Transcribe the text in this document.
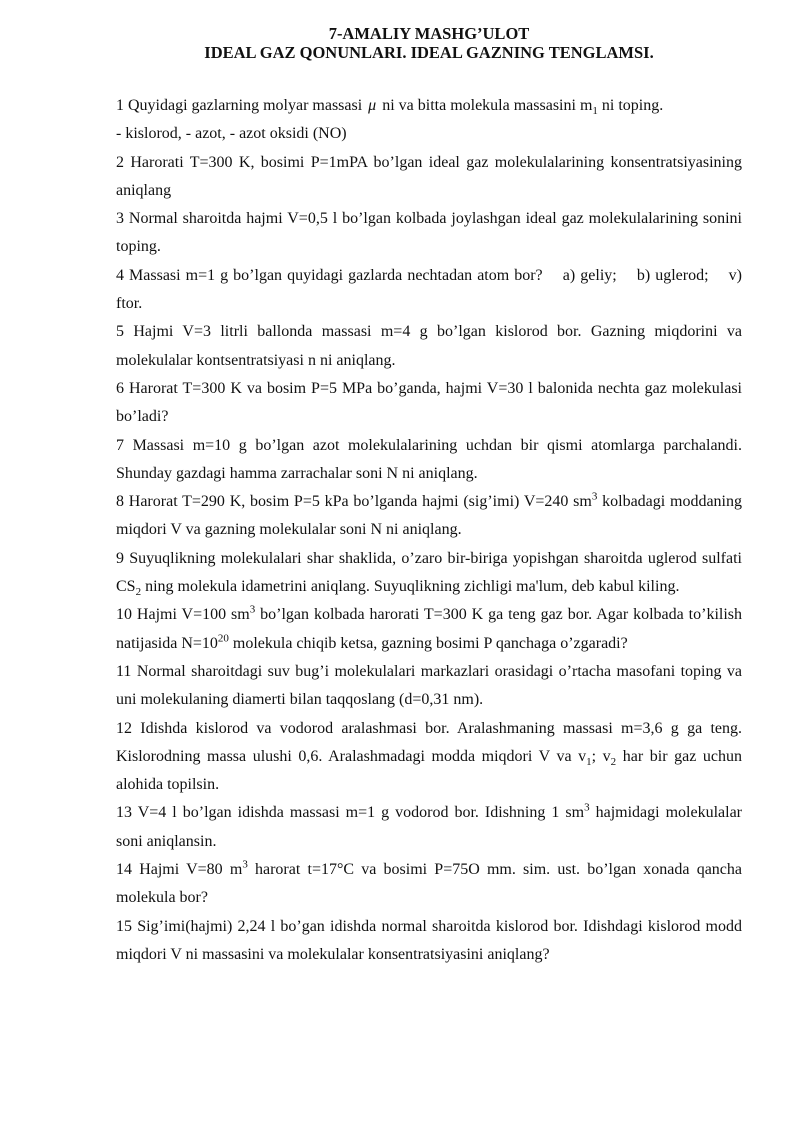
7-AMALIY MASHG’ULOT
IDEAL GAZ QONUNLARI. IDEAL GAZNING TENGLAMSI.

1 Quyidagi gazlarning molyar massasi μ ni va bitta molekula massasini $m_1$ ni toping.

- kislorod, - azot, - azot oksidi (NO)

2 Harorati T=300 K, bosimi P=1mPA bo’lgan ideal gaz molekulalarining konsentratsiyasining aniqlang

3 Normal sharoitda hajmi V=0,5 l bo’lgan kolbada joylashgan ideal gaz molekulalarining sonini toping.

4 Massasi m=1 g bo’lgan quyidagi gazlarda nechtadan atom bor?    a) geliy;    b) uglerod;    v) ftor.

5 Hajmi V=3 litrli ballonda massasi m=4 g bo’lgan kislorod bor. Gazning miqdorini va molekulalar kontsentratsiyasi n ni aniqlang.

6 Harorat T=300 K va bosim P=5 MPa bo’ganda, hajmi V=30 l balonida nechta gaz molekulasi bo’ladi?

7 Massasi m=10 g bo’lgan azot molekulalarining uchdan bir qismi atomlarga parchalandi. Shunday gazdagi hamma zarrachalar soni N ni aniqlang.

8 Harorat T=290 K, bosim P=5 kPa bo’lganda hajmi (sig’imi) V=240 $sm^3$ kolbadagi moddaning miqdori V va gazning molekulalar soni N ni aniqlang.

9 Suyuqlikning molekulalari shar shaklida, o’zaro bir-biriga yopishgan sharoitda uglerod sulfati $CS_2$ ning molekula idametrini aniqlang. Suyuqlikning zichligi ma'lum, deb kabul kiling.

10 Hajmi V=100 $sm^3$ bo’lgan kolbada harorati T=300 K ga teng gaz bor. Agar kolbada to’kilish natijasida $N=10^{20}$ molekula chiqib ketsa, gazning bosimi P qanchaga o’zgaradi?

11 Normal sharoitdagi suv bug’i molekulalari markazlari orasidagi o’rtacha masofani toping va uni molekulaning diamerti bilan taqqoslang (d=0,31 nm).

12 Idishda kislorod va vodorod aralashmasi bor. Aralashmaning massasi m=3,6 g ga teng. Kislorodning massa ulushi 0,6. Aralashmadagi modda miqdori V va $v_1$; $v_2$ har bir gaz uchun alohida topilsin.

13 V=4 l bo’lgan idishda massasi m=1 g vodorod bor. Idishning 1 $sm^3$ hajmidagi molekulalar soni aniqlansin.

14 Hajmi V=80 $m^3$ harorat t=17°C va bosimi P=75O mm. sim. ust. bo’lgan xonada qancha molekula bor?

15 Sig’imi(hajmi) 2,24 l bo’gan idishda normal sharoitda kislorod bor. Idishdagi kislorod modd miqdori V ni massasini va molekulalar konsentratsiyasini aniqlang?
